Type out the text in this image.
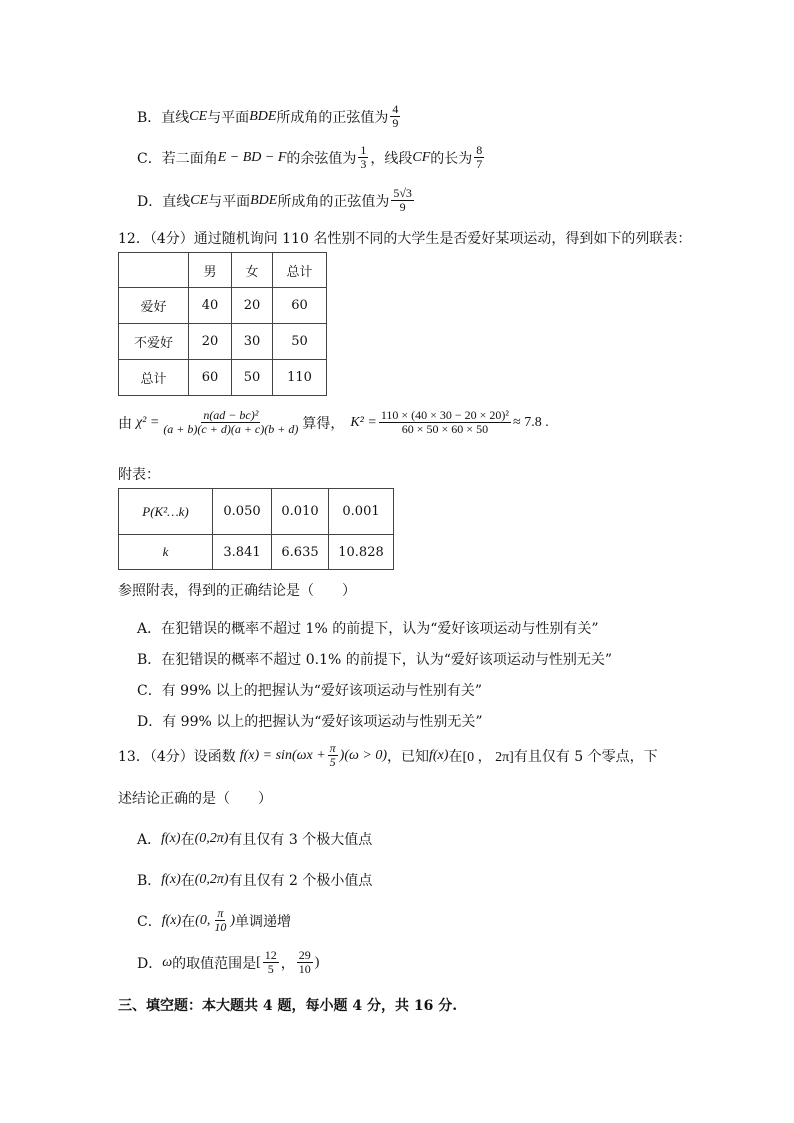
B．直线 CE 与平面 BDE 所成角的正弦值为 $\frac{4}{9}$
C．若二面角 E − BD − F 的余弦值为 $\frac{1}{3}$ ，线段 CF 的长为 $\frac{8}{7}$
D．直线 CE 与平面 BDE 所成角的正弦值为 $\frac{5√3}{9}$
12．（4分）通过随机询问 110 名性别不同的大学生是否爱好某项运动，得到如下的列联表：
	男	女	总计
爱好	40	20	60
不爱好	20	30	50
总计	60	50	110
由 $\chi^2 = \frac{\text{n(ad − bc)²}}{(a + b)(c + d)(a + c)(b + d)}$ 算得， $K^2 = \frac{\text{110 × (40 × 30 − 20 × 20)²}}{60 \times 50 \times 60 \times 50} \approx 7.8$ .
附表：
P(K²…k)	0.050	0.010	0.001
k	3.841	6.635	10.828
参照附表，得到的正确结论是（　　）
A．在犯错误的概率不超过 1% 的前提下，认为“爱好该项运动与性别有关”
B．在犯错误的概率不超过 0.1% 的前提下，认为“爱好该项运动与性别无关”
C．有 99% 以上的把握认为“爱好该项运动与性别有关”
D．有 99% 以上的把握认为“爱好该项运动与性别无关”
13．（4分）设函数 $f(x) = \sin(\omega x + \frac{\pi}{5} )(\omega > 0)$ ，已知 f(x) 在 [0 ， 2π] 有且仅有 5 个零点，下
述结论正确的是（　　）
A． f(x) 在 (0,2π) 有且仅有 3 个极大值点
B． f(x) 在 (0,2π) 有且仅有 2 个极小值点
C． f(x) 在 (0, $\frac{\pi}{10}$ ) 单调递增
D． ω 的取值范围是 [ $\frac{12}{5}$ ， $\frac{29}{10}$ )
三、填空题：本大题共 4 题，每小题 4 分，共 16 分.
